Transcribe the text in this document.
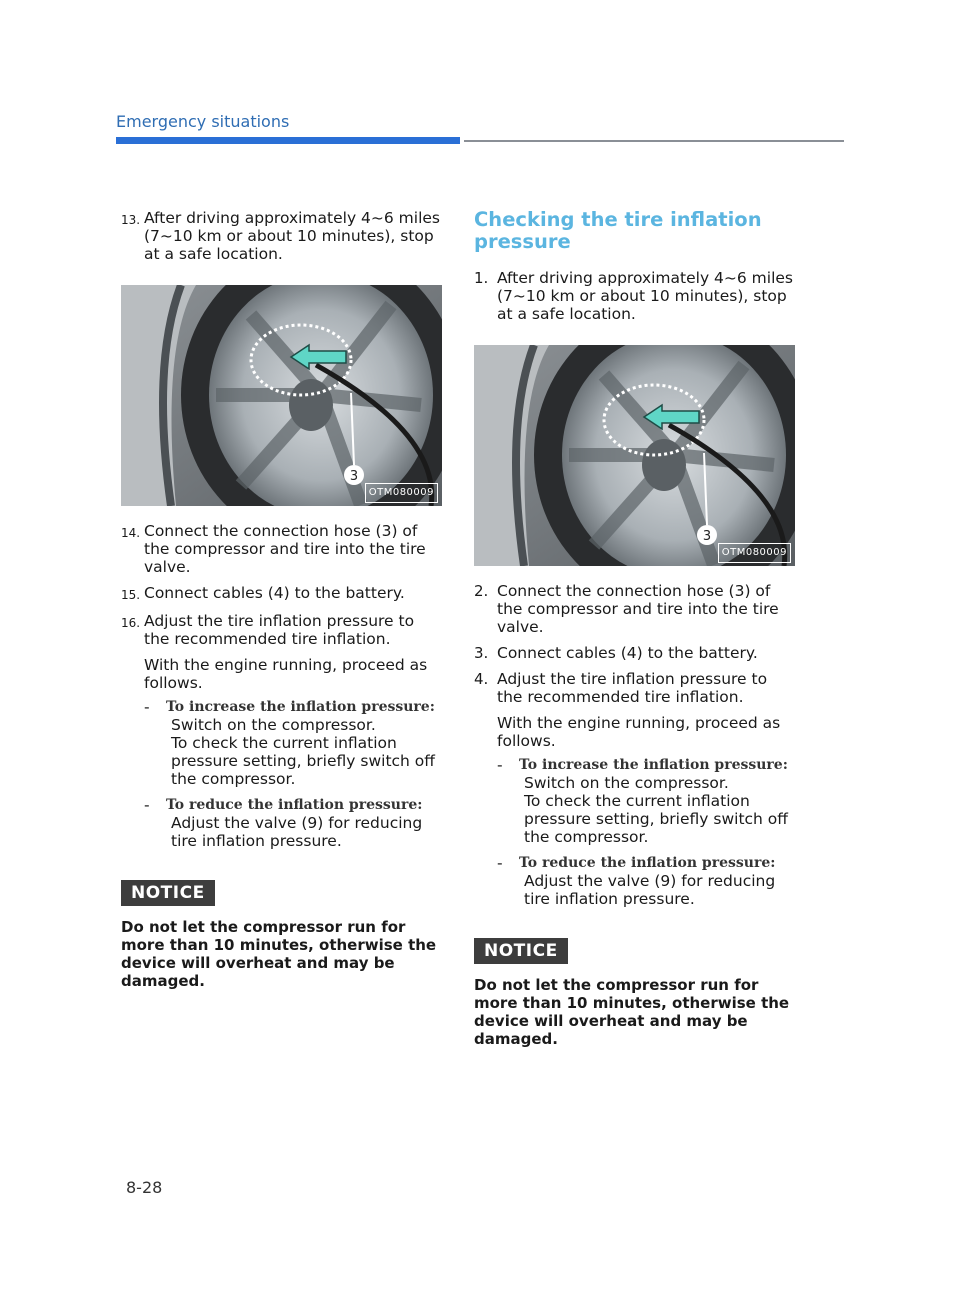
Emergency situations
13. After driving approximately 4~6 miles (7~10 km or about 10 minutes), stop at a safe location.
3
OTM080009
14. Connect the connection hose (3) of the compressor and tire into the tire valve.
15. Connect cables (4) to the battery.
16. Adjust the tire inflation pressure to the recommended tire inflation.
With the engine running, proceed as follows.
-	To increase the inflation pressure:
Switch on the compressor.
To check the current inflation pressure setting, briefly switch off the compressor.
-	To reduce the inflation pressure:
Adjust the valve (9) for reducing tire inflation pressure.
NOTICE
Do not let the compressor run for more than 10 minutes, otherwise the device will overheat and may be damaged.
Checking the tire inflation pressure
1. After driving approximately 4~6 miles (7~10 km or about 10 minutes), stop at a safe location.
3
OTM080009
2. Connect the connection hose (3) of the compressor and tire into the tire valve.
3. Connect cables (4) to the battery.
4. Adjust the tire inflation pressure to the recommended tire inflation.
With the engine running, proceed as follows.
-	To increase the inflation pressure:
Switch on the compressor.
To check the current inflation pressure setting, briefly switch off the compressor.
-	To reduce the inflation pressure:
Adjust the valve (9) for reducing tire inflation pressure.
NOTICE
Do not let the compressor run for more than 10 minutes, otherwise the device will overheat and may be damaged.
8-28
